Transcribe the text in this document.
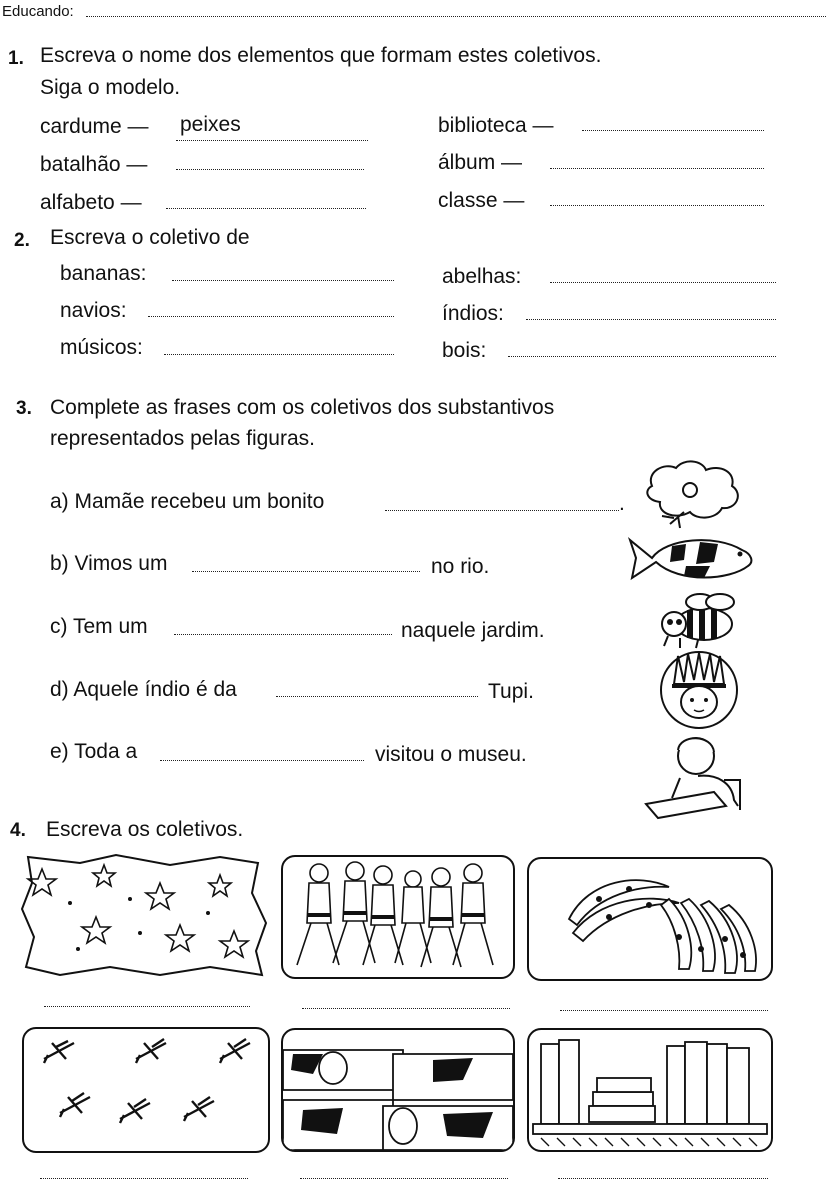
Educando:
1. Escreva o nome dos elementos que formam estes coletivos.
Siga o modelo.
cardume — peixes
batalhão —
alfabeto —
biblioteca —
álbum —
classe —
2. Escreva o coletivo de
bananas:
navios:
músicos:
abelhas:
índios:
bois:
3. Complete as frases com os coletivos dos substantivos
representados pelas figuras.
a) Mamãe recebeu um bonito	.
b) Vimos um	no rio.
c) Tem um	naquele jardim.
d) Aquele índio é da	Tupi.
e) Toda a	visitou o museu.
4. Escreva os coletivos.
